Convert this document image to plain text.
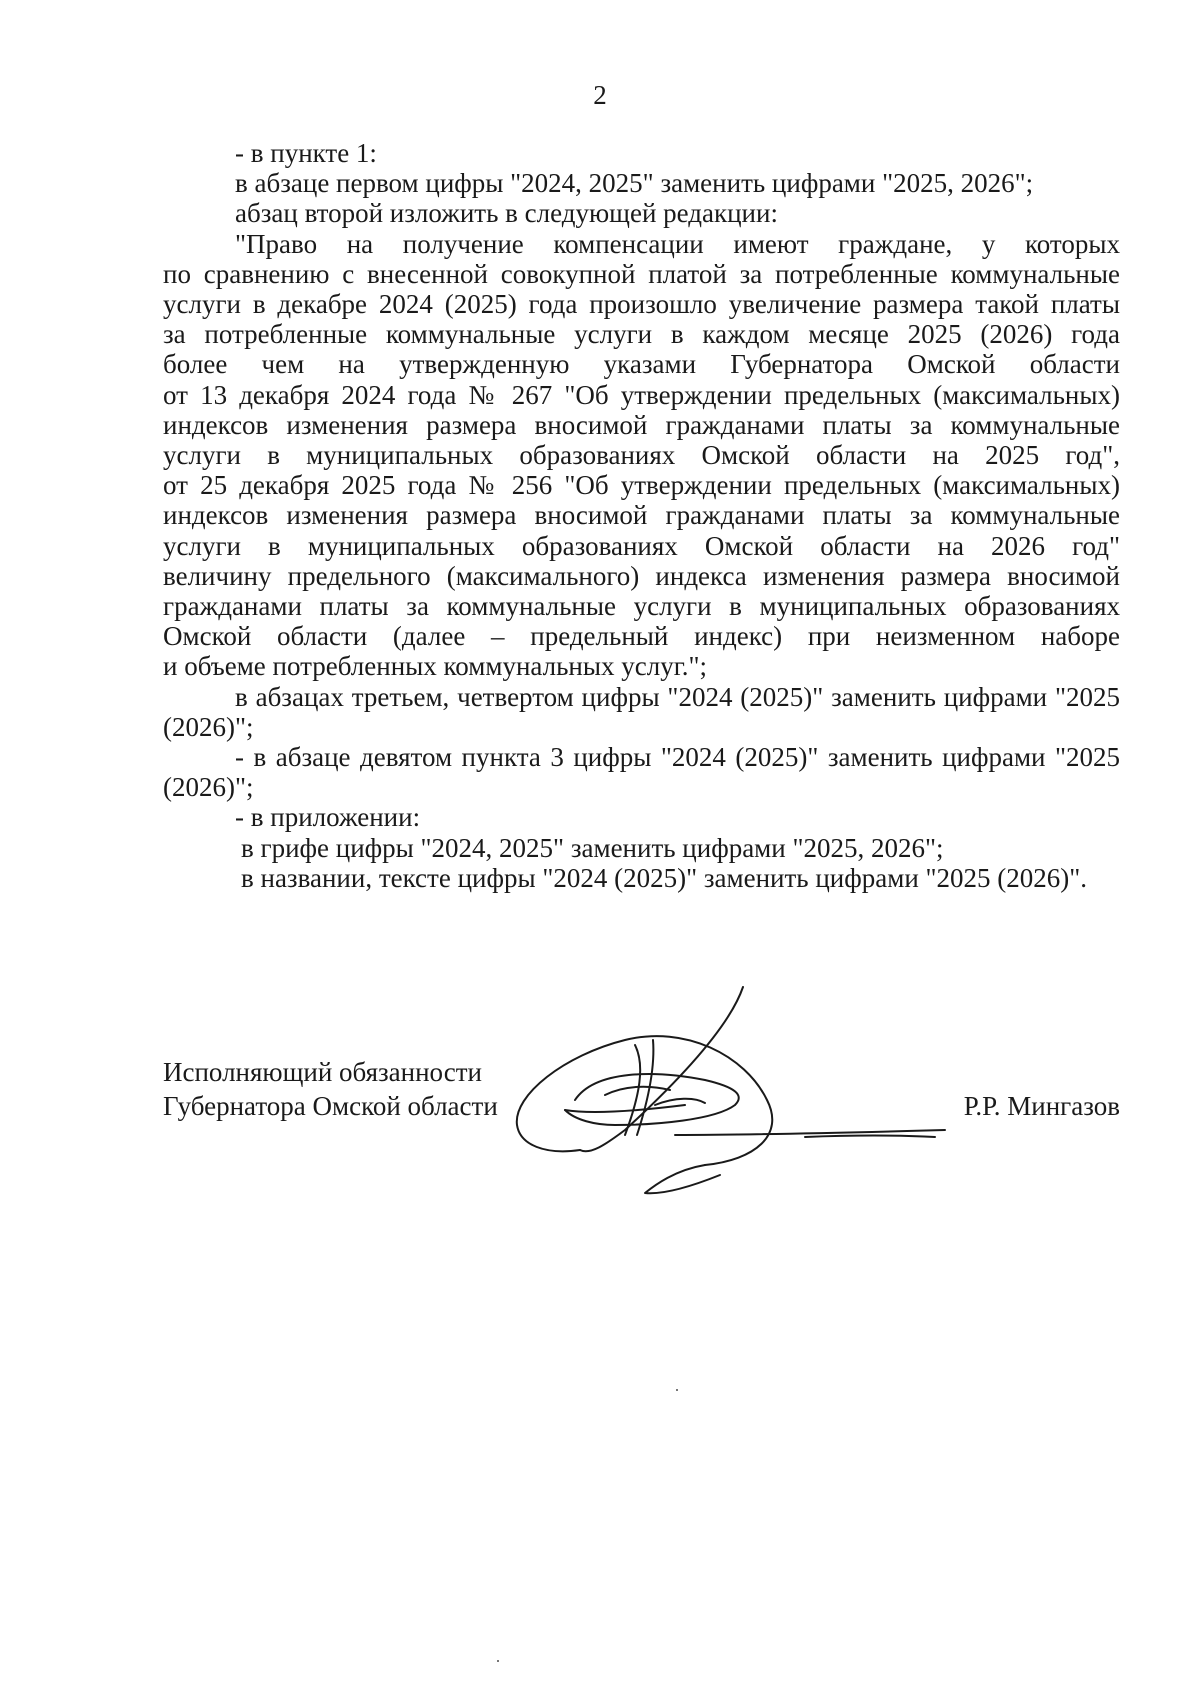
2

- в пункте 1:

в абзаце первом цифры "2024, 2025" заменить цифрами "2025, 2026";

абзац второй изложить в следующей редакции:

"Право на получение компенсации имеют граждане, у которых
по сравнению с внесенной совокупной платой за потребленные коммунальные
услуги в декабре 2024 (2025) года произошло увеличение размера такой платы
за потребленные коммунальные услуги в каждом месяце 2025 (2026) года
более чем на утвержденную указами Губернатора Омской области
от 13 декабря 2024 года № 267 "Об утверждении предельных (максимальных)
индексов изменения размера вносимой гражданами платы за коммунальные
услуги в муниципальных образованиях Омской области на 2025 год",
от 25 декабря 2025 года № 256 "Об утверждении предельных (максимальных)
индексов изменения размера вносимой гражданами платы за коммунальные
услуги в муниципальных образованиях Омской области на 2026 год"
величину предельного (максимального) индекса изменения размера вносимой
гражданами платы за коммунальные услуги в муниципальных образованиях
Омской области (далее – предельный индекс) при неизменном наборе
и объеме потребленных коммунальных услуг.";

в абзацах третьем, четвертом цифры "2024 (2025)" заменить цифрами "2025 (2026)";

- в абзаце девятом пункта 3 цифры "2024 (2025)" заменить цифрами "2025 (2026)";

- в приложении:

в грифе цифры "2024, 2025" заменить цифрами "2025, 2026";

в названии, тексте цифры "2024 (2025)" заменить цифрами "2025 (2026)".

Исполняющий обязанности
Губернатора Омской области	Р.Р. Мингазов
